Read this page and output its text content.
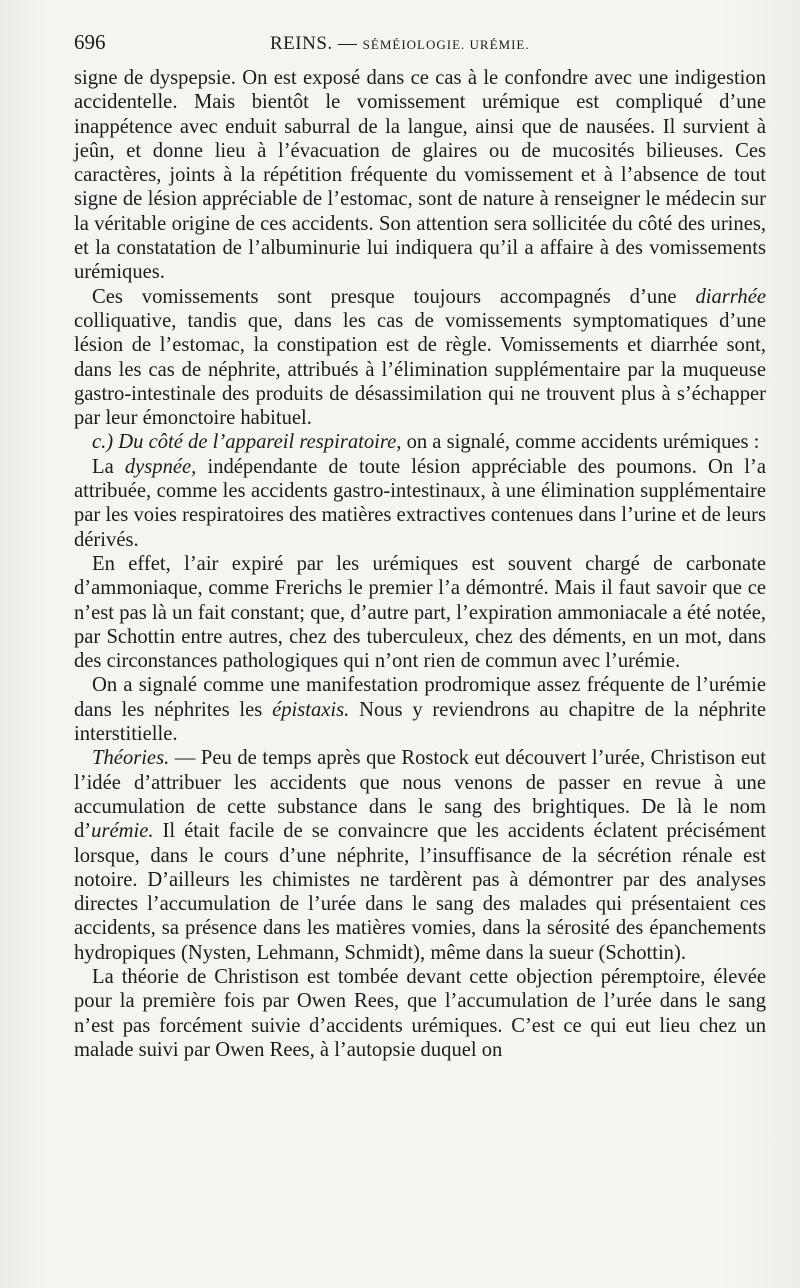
696	REINS. — SÉMÉIOLOGIE. URÉMIE.

signe de dyspepsie. On est exposé dans ce cas à le confondre avec une indigestion accidentelle. Mais bientôt le vomissement urémique est compliqué d’une inappétence avec enduit saburral de la langue, ainsi que de nausées. Il survient à jeûn, et donne lieu à l’évacuation de glaires ou de mucosités bilieuses. Ces caractères, joints à la répétition fréquente du vomissement et à l’absence de tout signe de lésion appréciable de l’estomac, sont de nature à renseigner le médecin sur la véritable origine de ces accidents. Son attention sera sollicitée du côté des urines, et la constatation de l’albuminurie lui indiquera qu’il a affaire à des vomissements urémiques.

Ces vomissements sont presque toujours accompagnés d’une diarrhée colliquative, tandis que, dans les cas de vomissements symptomatiques d’une lésion de l’estomac, la constipation est de règle. Vomissements et diarrhée sont, dans les cas de néphrite, attribués à l’élimination supplémentaire par la muqueuse gastro-intestinale des produits de désassimilation qui ne trouvent plus à s’échapper par leur émonctoire habituel.

c.) Du côté de l’appareil respiratoire, on a signalé, comme accidents urémiques :

La dyspnée, indépendante de toute lésion appréciable des poumons. On l’a attribuée, comme les accidents gastro-intestinaux, à une élimination supplémentaire par les voies respiratoires des matières extractives contenues dans l’urine et de leurs dérivés.

En effet, l’air expiré par les urémiques est souvent chargé de carbonate d’ammoniaque, comme Frerichs le premier l’a démontré. Mais il faut savoir que ce n’est pas là un fait constant; que, d’autre part, l’expiration ammoniacale a été notée, par Schottin entre autres, chez des tuberculeux, chez des déments, en un mot, dans des circonstances pathologiques qui n’ont rien de commun avec l’urémie.

On a signalé comme une manifestation prodromique assez fréquente de l’urémie dans les néphrites les épistaxis. Nous y reviendrons au chapitre de la néphrite interstitielle.

Théories. — Peu de temps après que Rostock eut découvert l’urée, Christison eut l’idée d’attribuer les accidents que nous venons de passer en revue à une accumulation de cette substance dans le sang des brightiques. De là le nom d’urémie. Il était facile de se convaincre que les accidents éclatent précisément lorsque, dans le cours d’une néphrite, l’insuffisance de la sécrétion rénale est notoire. D’ailleurs les chimistes ne tardèrent pas à démontrer par des analyses directes l’accumulation de l’urée dans le sang des malades qui présentaient ces accidents, sa présence dans les matières vomies, dans la sérosité des épanchements hydropiques (Nysten, Lehmann, Schmidt), même dans la sueur (Schottin).

La théorie de Christison est tombée devant cette objection péremptoire, élevée pour la première fois par Owen Rees, que l’accumulation de l’urée dans le sang n’est pas forcément suivie d’accidents urémiques. C’est ce qui eut lieu chez un malade suivi par Owen Rees, à l’autopsie duquel on
